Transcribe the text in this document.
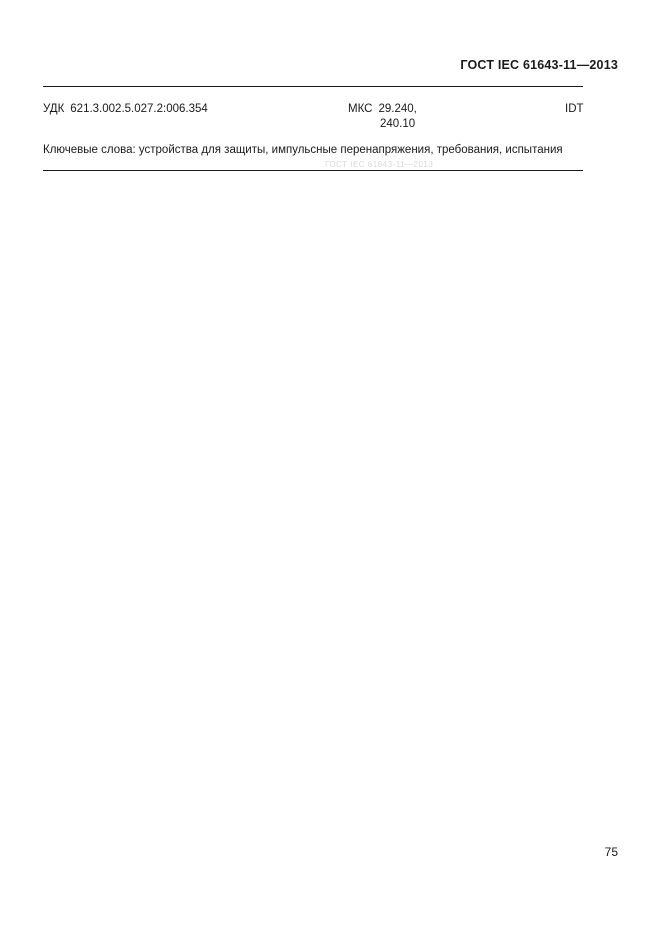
ГОСТ IEC 61643-11—2013
УДК 621.3.002.5.027.2:006.354	МКС 29.240,
240.10
IDT
Ключевые слова: устройства для защиты, импульсные перенапряжения, требования, испытания
ГОСТ IEC 61643-11—2013
75
